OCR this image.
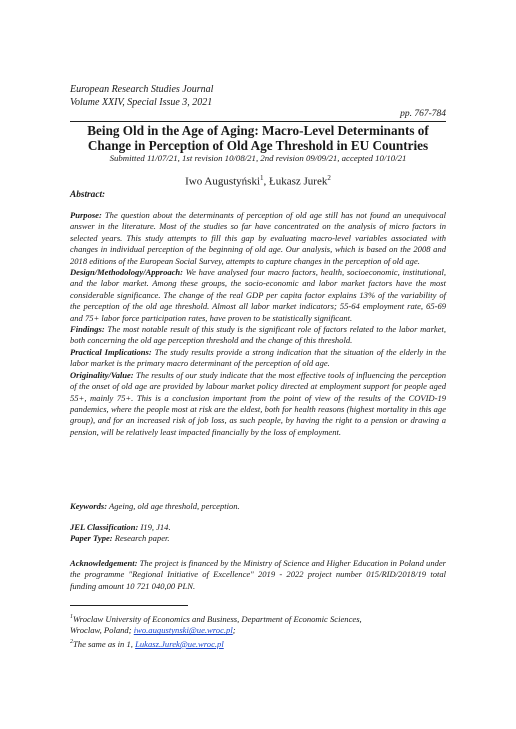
European Research Studies Journal
Volume XXIV, Special Issue 3, 2021
pp. 767-784
Being Old in the Age of Aging: Macro-Level Determinants of
Change in Perception of Old Age Threshold in EU Countries
Submitted 11/07/21, 1st revision 10/08/21, 2nd revision 09/09/21, accepted 10/10/21
Iwo Augustyński$^1$, Łukasz Jurek$^2$
Abstract:
Purpose: The question about the determinants of perception of old age still has not found an unequivocal answer in the literature. Most of the studies so far have concentrated on the analysis of micro factors in selected years. This study attempts to fill this gap by evaluating macro-level variables associated with changes in individual perception of the beginning of old age. Our analysis, which is based on the 2008 and 2018 editions of the European Social Survey, attempts to capture changes in the perception of old age.
Design/Methodology/Approach: We have analysed four macro factors, health, socioeconomic, institutional, and the labor market. Among these groups, the socio-economic and labor market factors have the most considerable significance. The change of the real GDP per capita factor explains 13% of the variability of the perception of the old age threshold. Almost all labor market indicators; 55-64 employment rate, 65-69 and 75+ labor force participation rates, have proven to be statistically significant.
Findings: The most notable result of this study is the significant role of factors related to the labor market, both concerning the old age perception threshold and the change of this threshold.
Practical Implications: The study results provide a strong indication that the situation of the elderly in the labor market is the primary macro determinant of the perception of old age.
Originality/Value: The results of our study indicate that the most effective tools of influencing the perception of the onset of old age are provided by labour market policy directed at employment support for people aged 55+, mainly 75+. This is a conclusion important from the point of view of the results of the COVID-19 pandemics, where the people most at risk are the eldest, both for health reasons (highest mortality in this age group), and for an increased risk of job loss, as such people, by having the right to a pension or drawing a pension, will be relatively least impacted financially by the loss of employment.
Keywords: Ageing, old age threshold, perception.
JEL Classification: I19, J14.
Paper Type: Research paper.
Acknowledgement: The project is financed by the Ministry of Science and Higher Education in Poland under the programme "Regional Initiative of Excellence" 2019 - 2022 project number 015/RID/2018/19 total funding amount 10 721 040,00 PLN.
$^1$Wroclaw University of Economics and Business, Department of Economic Sciences,
Wroclaw, Poland; iwo.augustynski@ue.wroc.pl;
$^2$The same as in 1, Lukasz.Jurek@ue.wroc.pl
